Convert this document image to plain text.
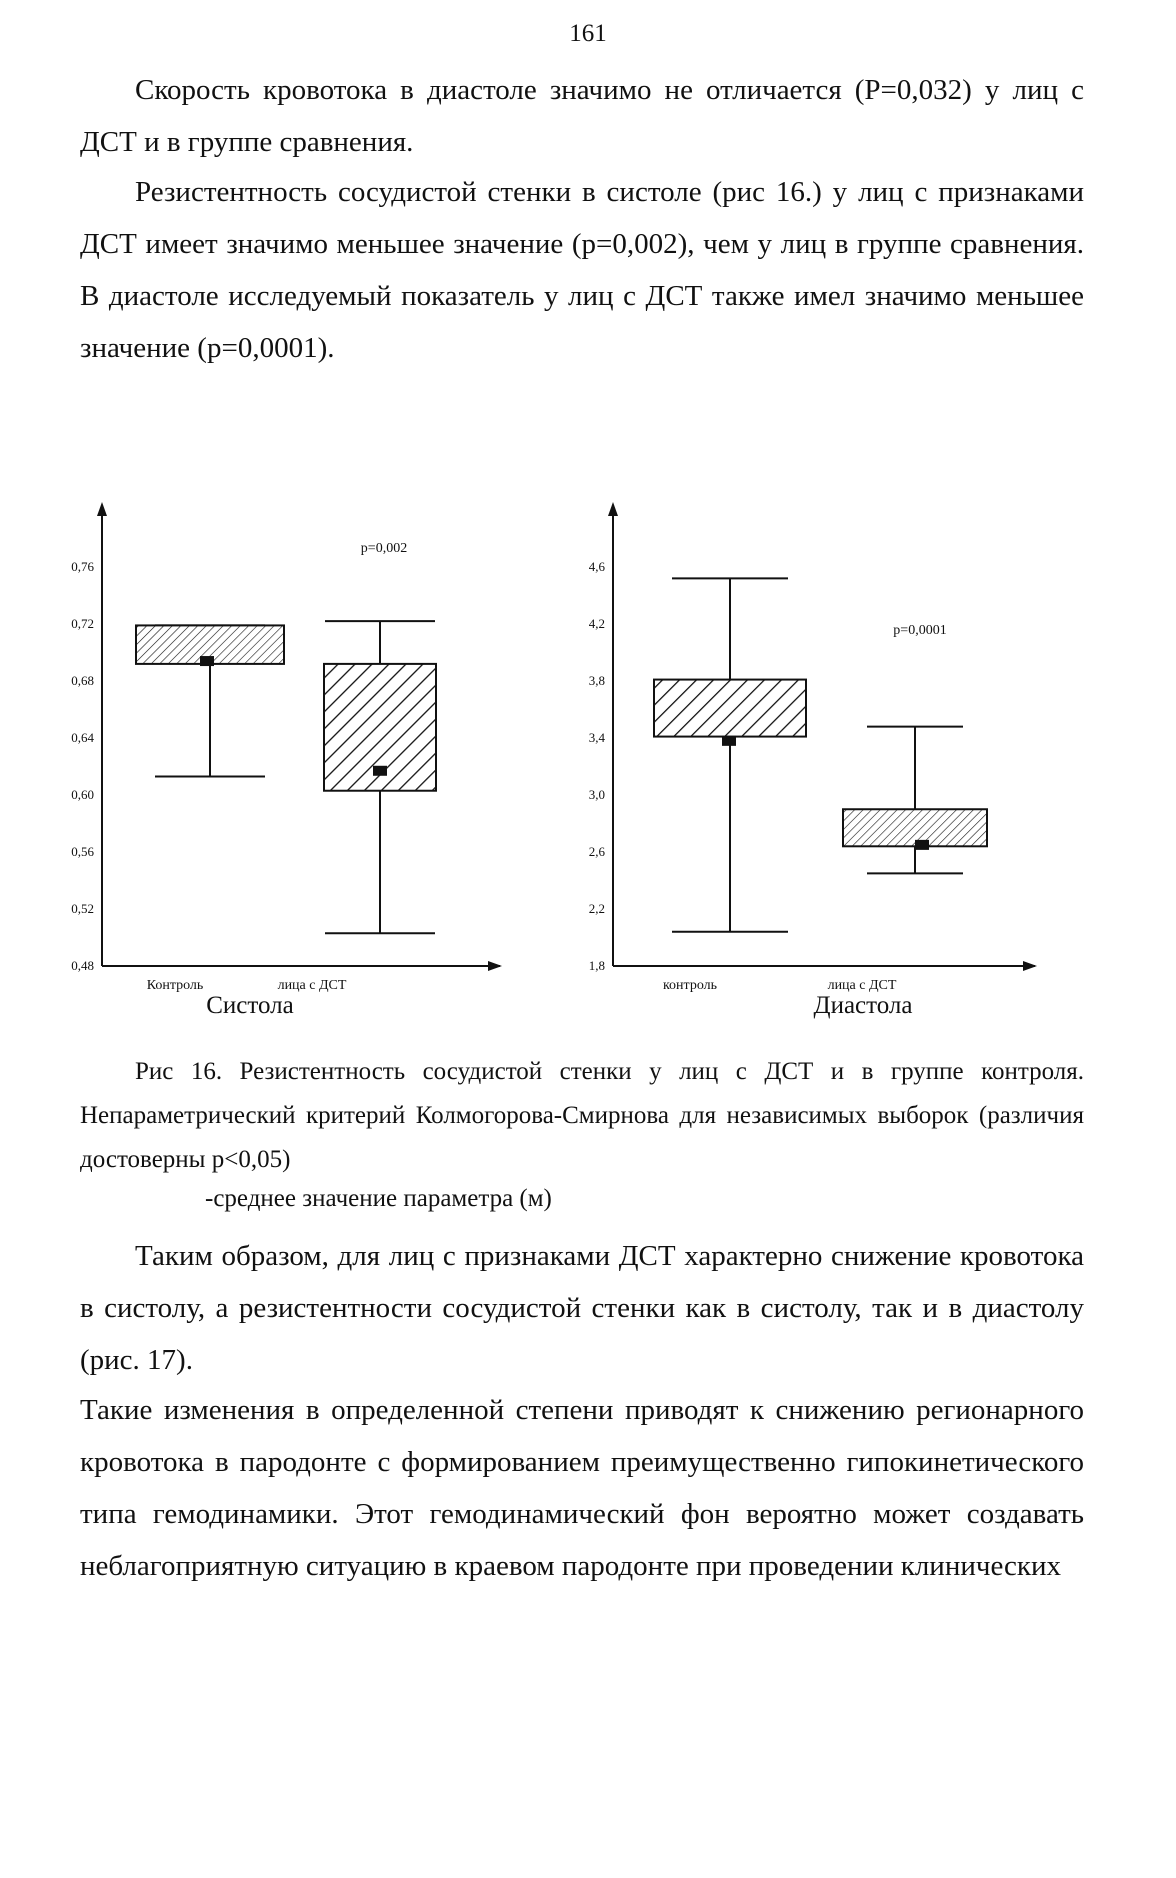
161

Скорость кровотока в диастоле значимо не отличается (Р=0,032) у лиц с ДСТ и в группе сравнения.

Резистентность сосудистой стенки в систоле (рис 16.) у лиц с признаками ДСТ имеет значимо меньшее значение (р=0,002), чем у лиц в группе сравнения. В диастоле исследуемый показатель у лиц с ДСТ также имел значимо меньшее значение (р=0,0001).

0,76
0,72
0,68
0,64
0,60
0,56
0,52
0,48
Контроль	лица с ДСТ
p=0,002
Систола
4,6
4,2
3,8
3,4
3,0
2,6
2,2
1,8
контроль	лица с ДСТ
p=0,0001
Диастола

Рис 16. Резистентность сосудистой стенки у лиц с ДСТ и в группе контроля. Непараметрический критерий Колмогорова-Смирнова для независимых выборок (различия достоверны р<0,05)

-среднее значение параметра (м)

Таким образом, для лиц с признаками ДСТ характерно снижение кровотока в систолу, а резистентности сосудистой стенки как в систолу, так и в диастолу (рис. 17).

Такие изменения в определенной степени приводят к снижению регионарного кровотока в пародонте с формированием преимущественно гипокинетического типа гемодинамики. Этот гемодинамический фон вероятно может создавать неблагоприятную ситуацию в краевом пародонте при проведении клинических
